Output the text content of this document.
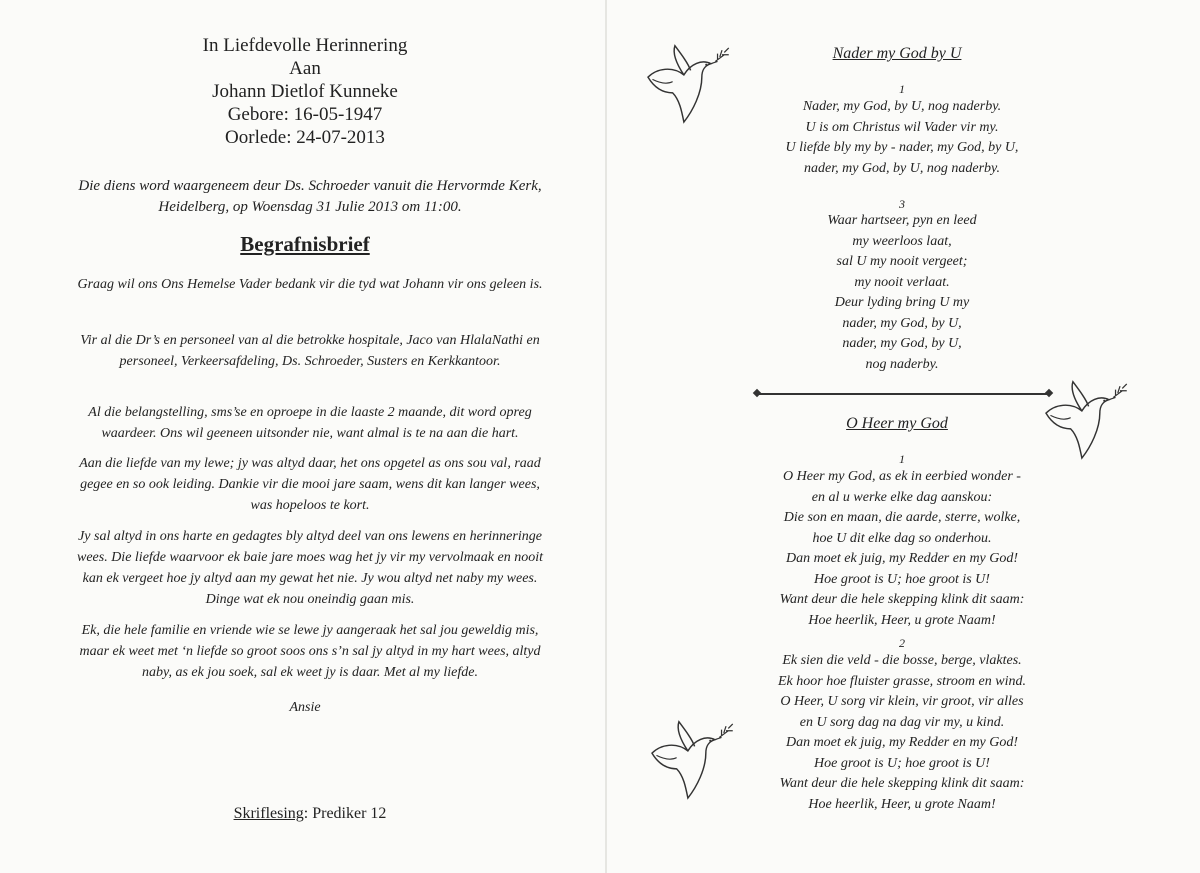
In Liefdevolle Herinnering
Aan
Johann Dietlof Kunneke
Gebore: 16-05-1947
Oorlede: 24-07-2013
Die diens word waargeneem deur Ds. Schroeder vanuit die Hervormde Kerk, Heidelberg, op Woensdag 31 Julie 2013 om 11:00.
Begrafnisbrief

Graag wil ons Ons Hemelse Vader bedank vir die tyd wat Johann vir ons geleen is.

Vir al die Dr’s en personeel van al die betrokke hospitale, Jaco van HlalaNathi en personeel, Verkeersafdeling, Ds. Schroeder, Susters en Kerkkantoor.

Al die belangstelling, sms’se en oproepe in die laaste 2 maande, dit word opreg waardeer. Ons wil geeneen uitsonder nie, want almal is te na aan die hart.

Aan die liefde van my lewe; jy was altyd daar, het ons opgetel as ons sou val, raad gegee en so ook leiding. Dankie vir die mooi jare saam, wens dit kan langer wees, was hopeloos te kort.

Jy sal altyd in ons harte en gedagtes bly altyd deel van ons lewens en herinneringe wees. Die liefde waarvoor ek baie jare moes wag het jy vir my vervolmaak en nooit kan ek vergeet hoe jy altyd aan my gewat het nie. Jy wou altyd net naby my wees. Dinge wat ek nou oneindig gaan mis.

Ek, die hele familie en vriende wie se lewe jy aangeraak het sal jou geweldig mis, maar ek weet met ‘n liefde so groot soos ons s’n sal jy altyd in my hart wees, altyd naby, as ek jou soek, sal ek weet jy is daar. Met al my liefde.

Ansie
Skriflesing: Prediker 12
Nader my God by U
1
Nader, my God, by U, nog naderby.
U is om Christus wil Vader vir my.
U liefde bly my by - nader, my God, by U,
nader, my God, by U, nog naderby.
3
Waar hartseer, pyn en leed
my weerloos laat,
sal U my nooit vergeet;
my nooit verlaat.
Deur lyding bring U my
nader, my God, by U,
nader, my God, by U,
nog naderby.
O Heer my God
1
O Heer my God, as ek in eerbied wonder -
en al u werke elke dag aanskou:
Die son en maan, die aarde, sterre, wolke,
hoe U dit elke dag so onderhou.
Dan moet ek juig, my Redder en my God!
Hoe groot is U; hoe groot is U!
Want deur die hele skepping klink dit saam:
Hoe heerlik, Heer, u grote Naam!
2
Ek sien die veld - die bosse, berge, vlaktes.
Ek hoor hoe fluister grasse, stroom en wind.
O Heer, U sorg vir klein, vir groot, vir alles
en U sorg dag na dag vir my, u kind.
Dan moet ek juig, my Redder en my God!
Hoe groot is U; hoe groot is U!
Want deur die hele skepping klink dit saam:
Hoe heerlik, Heer, u grote Naam!
